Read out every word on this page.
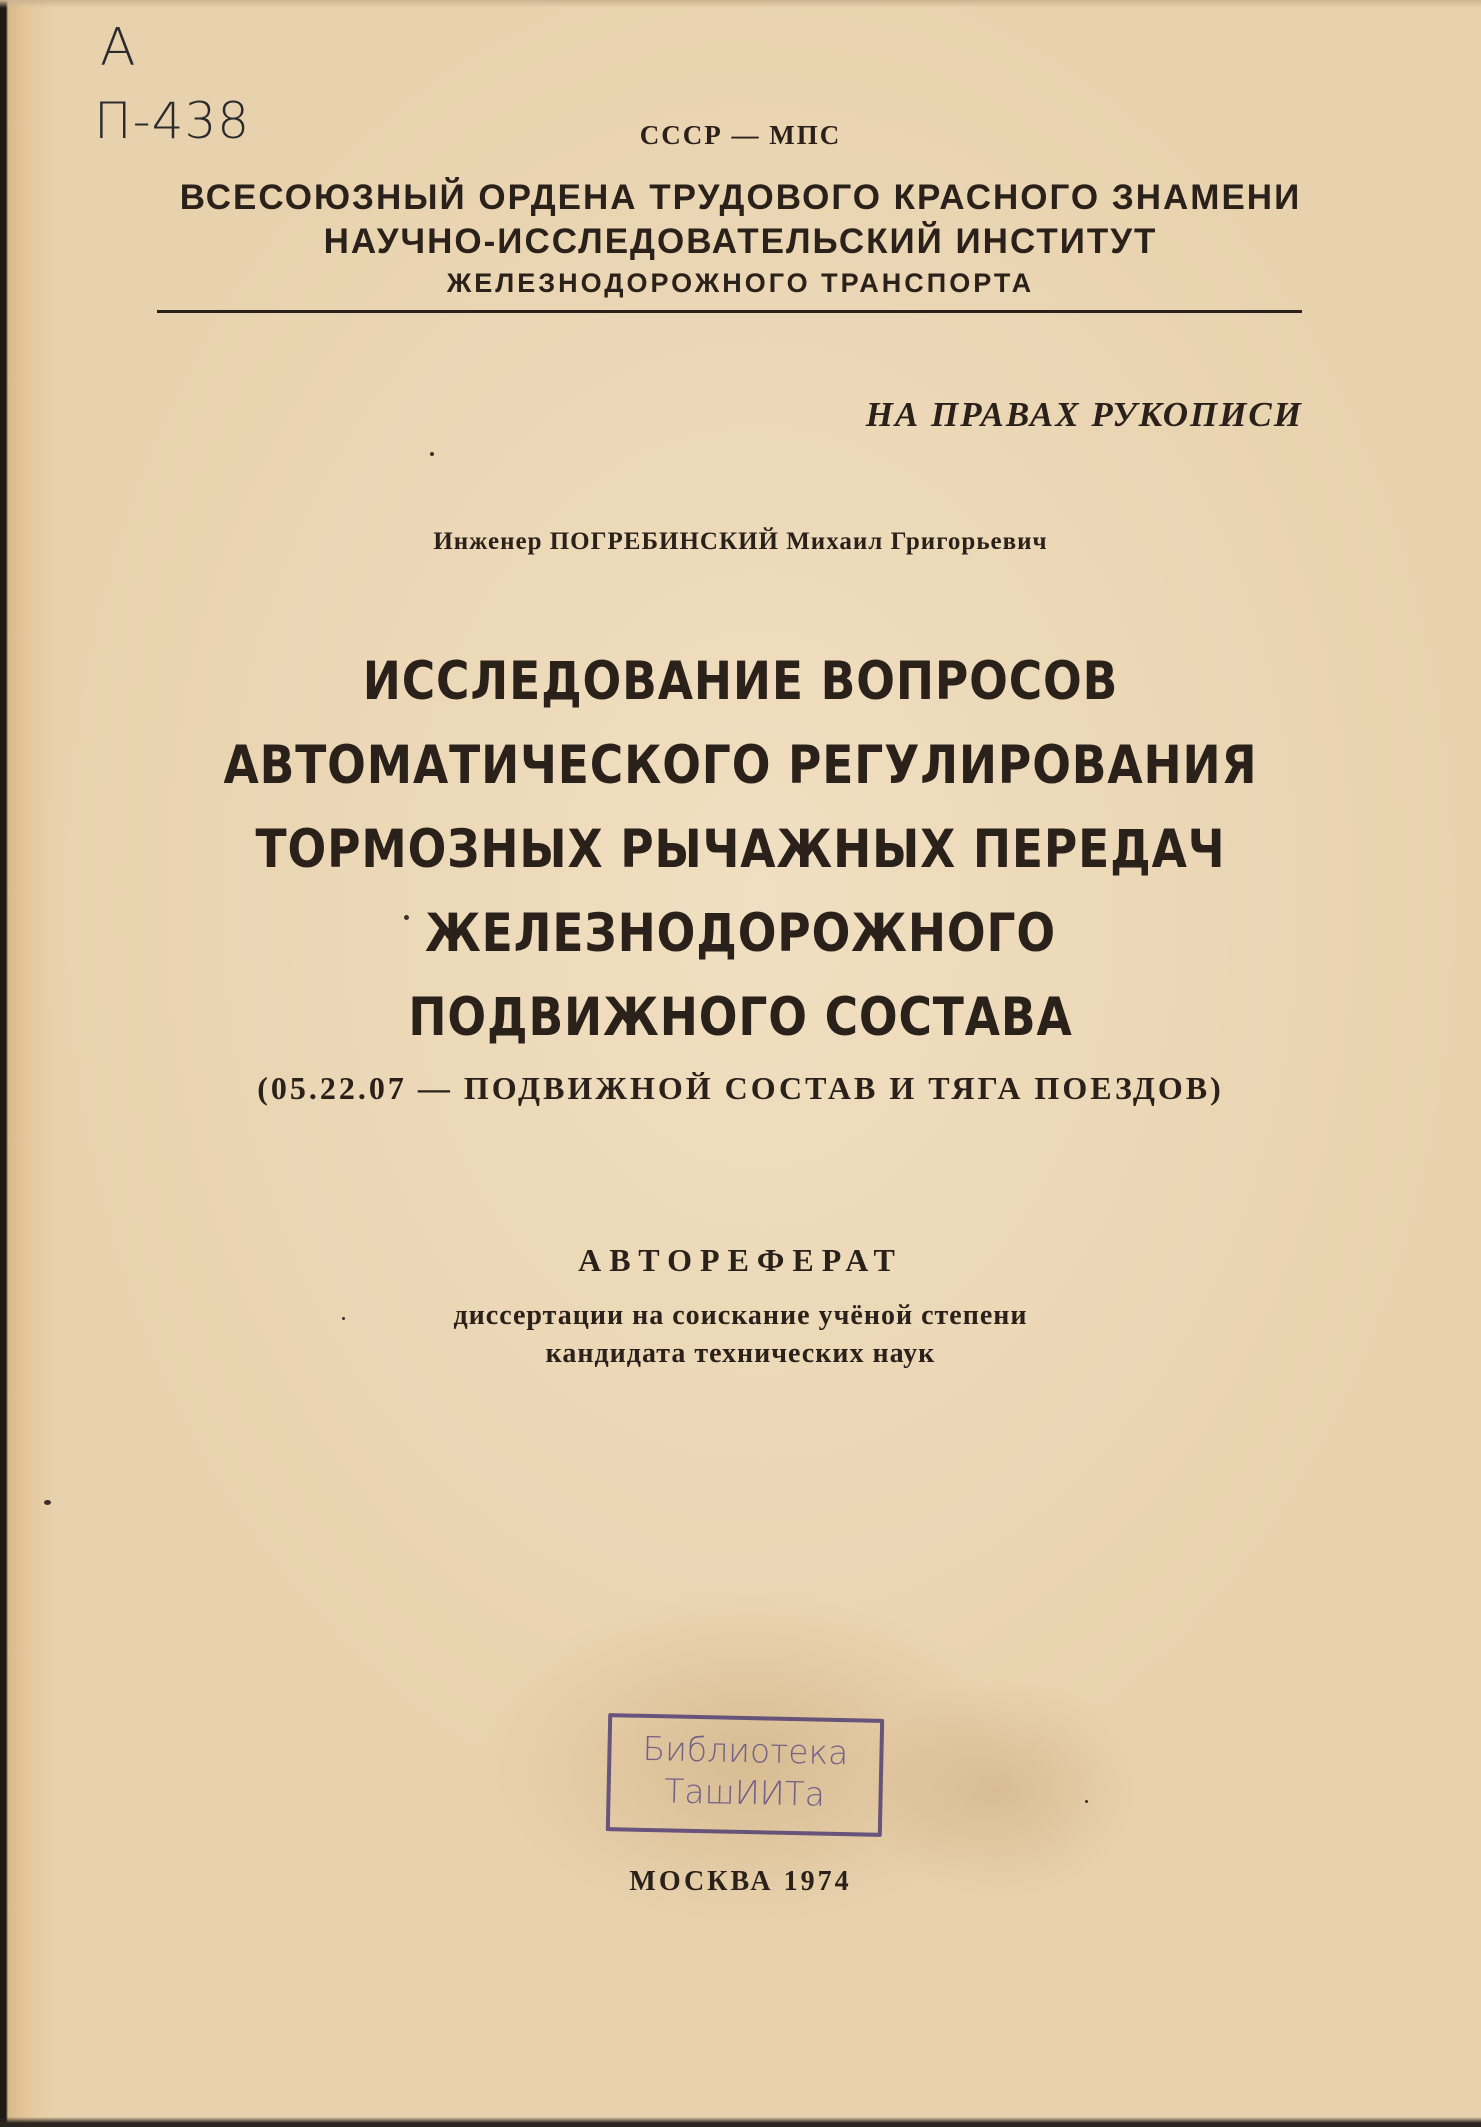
А
П-438	СССР — МПС
ВСЕСОЮЗНЫЙ ОРДЕНА ТРУДОВОГО КРАСНОГО ЗНАМЕНИ
НАУЧНО-ИССЛЕДОВАТЕЛЬСКИЙ ИНСТИТУТ
ЖЕЛЕЗНОДОРОЖНОГО ТРАНСПОРТА
НА ПРАВАХ РУКОПИСИ
Инженер ПОГРЕБИНСКИЙ Михаил Григорьевич
ИССЛЕДОВАНИЕ ВОПРОСОВ
АВТОМАТИЧЕСКОГО РЕГУЛИРОВАНИЯ
ТОРМОЗНЫХ РЫЧАЖНЫХ ПЕРЕДАЧ
ЖЕЛЕЗНОДОРОЖНОГО
ПОДВИЖНОГО СОСТАВА
(05.22.07 — ПОДВИЖНОЙ СОСТАВ И ТЯГА ПОЕЗДОВ)
АВТОРЕФЕРАТ
диссертации на соискание учёной степени
кандидата технических наук
Библиотека
ТашИИТа
МОСКВА 1974
